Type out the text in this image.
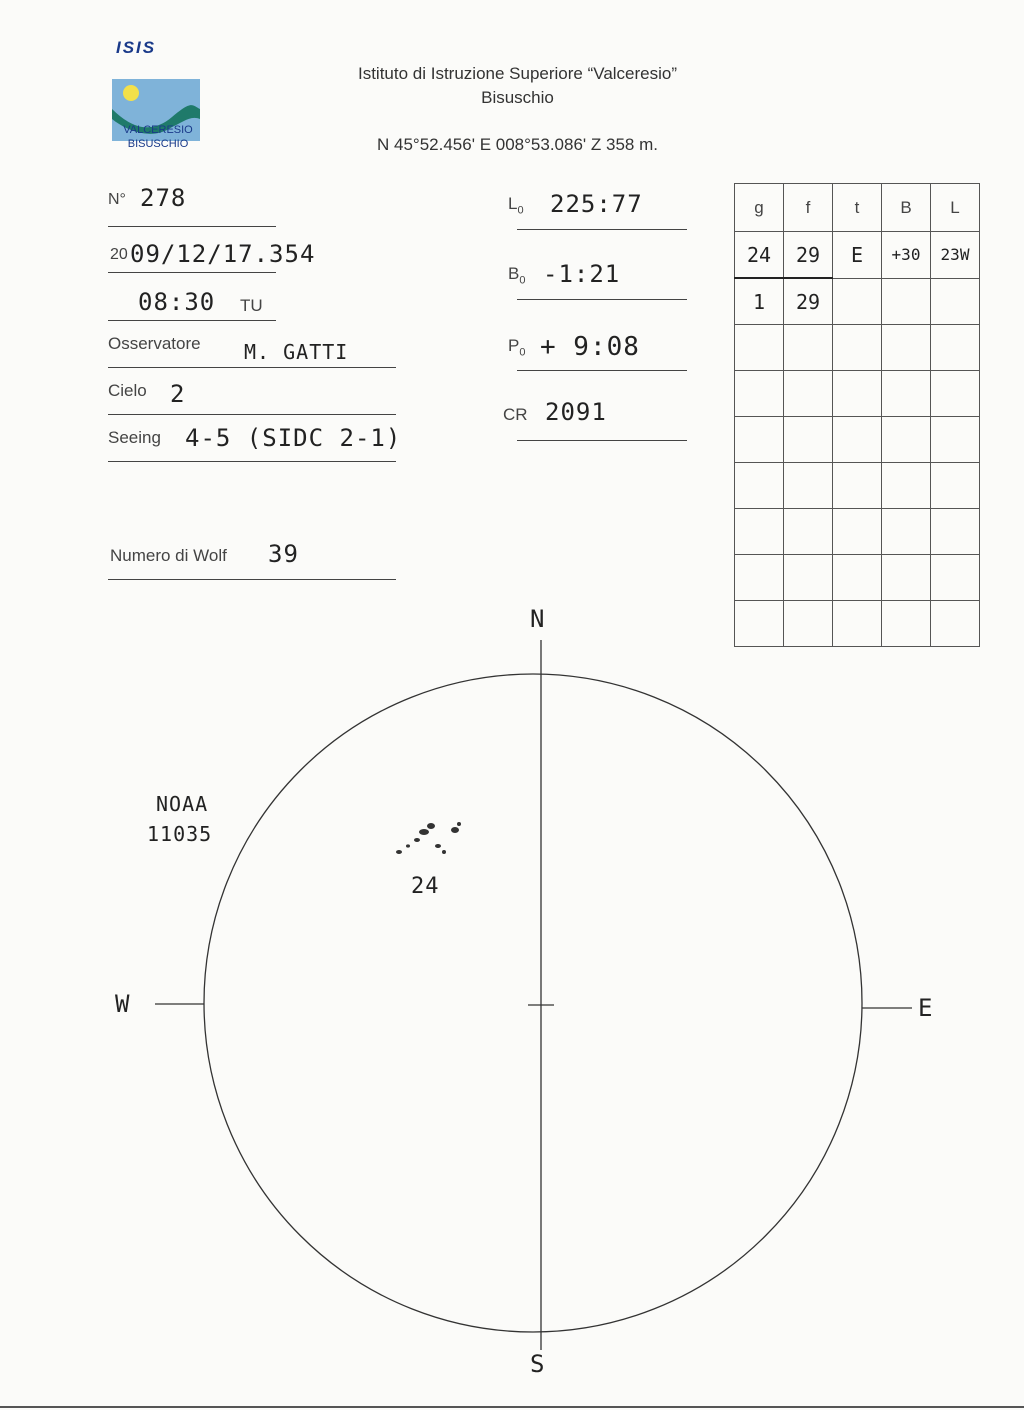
ISIS
VALCERESIO
BISUSCHIO
Istituto di Istruzione Superiore “Valceresio”
Bisuschio
N 45°52.456' E 008°53.086' Z 358 m.
N° 278
20 09/12/17.354
08:30 TU
Osservatore M. GATTI
Cielo 2
Seeing 4-5 (SIDC 2-1)
Numero di Wolf 39
$L_0$ 225:77
$B_0$ -1:21
$P_0$ + 9:08
CR 2091
g	f	t	B	L
24	29	E	+30	23W
1	29			

N
S
W	E
NOAA
11035
24
